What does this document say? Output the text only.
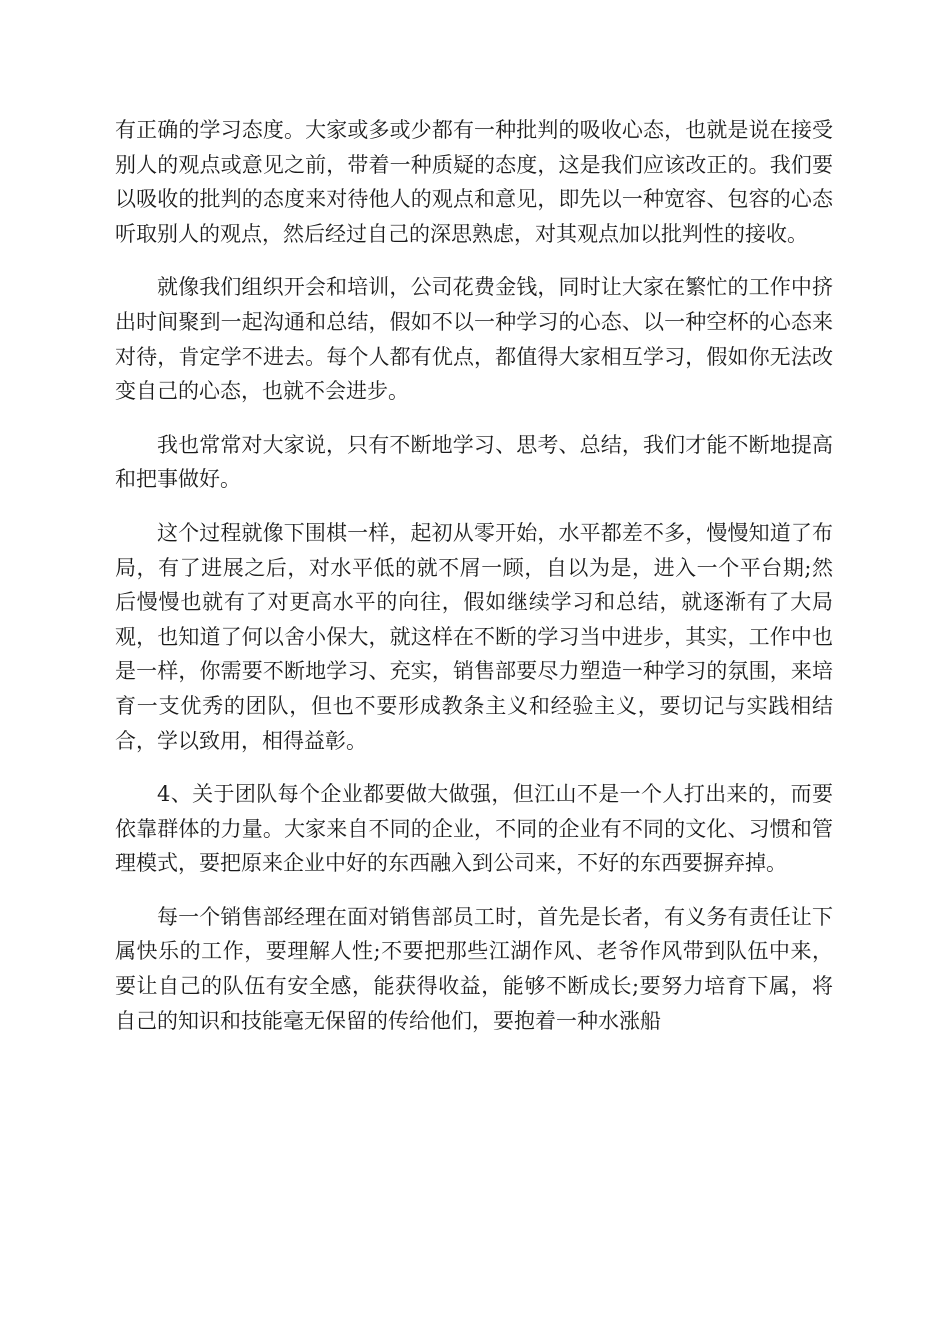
有正确的学习态度。大家或多或少都有一种批判的吸收心态，也就是说在接受别人的观点或意见之前，带着一种质疑的态度，这是我们应该改正的。我们要以吸收的批判的态度来对待他人的观点和意见，即先以一种宽容、包容的心态听取别人的观点，然后经过自己的深思熟虑，对其观点加以批判性的接收。

就像我们组织开会和培训，公司花费金钱，同时让大家在繁忙的工作中挤出时间聚到一起沟通和总结，假如不以一种学习的心态、以一种空杯的心态来对待，肯定学不进去。每个人都有优点，都值得大家相互学习，假如你无法改变自己的心态，也就不会进步。

我也常常对大家说，只有不断地学习、思考、总结，我们才能不断地提高和把事做好。

这个过程就像下围棋一样，起初从零开始，水平都差不多，慢慢知道了布局，有了进展之后，对水平低的就不屑一顾，自以为是，进入一个平台期;然后慢慢也就有了对更高水平的向往，假如继续学习和总结，就逐渐有了大局观，也知道了何以舍小保大，就这样在不断的学习当中进步，其实，工作中也是一样，你需要不断地学习、充实，销售部要尽力塑造一种学习的氛围，来培育一支优秀的团队，但也不要形成教条主义和经验主义，要切记与实践相结合，学以致用，相得益彰。

4、关于团队每个企业都要做大做强，但江山不是一个人打出来的，而要依靠群体的力量。大家来自不同的企业，不同的企业有不同的文化、习惯和管理模式，要把原来企业中好的东西融入到公司来，不好的东西要摒弃掉。

每一个销售部经理在面对销售部员工时，首先是长者，有义务有责任让下属快乐的工作，要理解人性;不要把那些江湖作风、老爷作风带到队伍中来，要让自己的队伍有安全感，能获得收益，能够不断成长;要努力培育下属，将自己的知识和技能毫无保留的传给他们，要抱着一种水涨船
